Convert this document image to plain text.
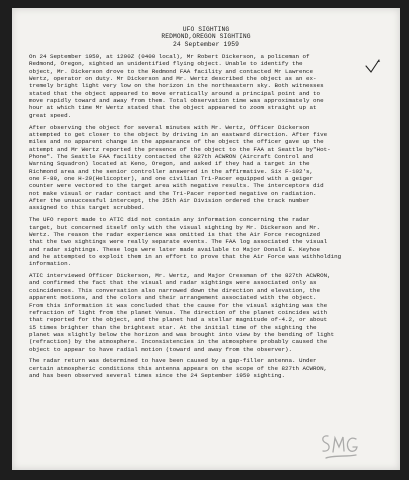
UFO SIGHTING
REDMOND,OREGON SIGHTING
24 September 1959
On 24 September 1959, at 1200Z (0400 local), Mr Robert Dickerson, a policeman of
Redmond, Oregon, sighted an unidentified flying object. Unable to identify the
object, Mr. Dickerson drove to the Redmond FAA facility and contacted Mr Lawrence
Wertz, operator on duty. Mr Dickerson and Mr. Wertz described the object as an ex-
tremely bright light very low on the horizon in the northeastern sky. Both witnesses
stated that the object appeared to move erratically around a principal point and to
move rapidly toward and away from them. Total observation time was approximately one
hour at which time Mr Wertz stated that the object appeared to zoom straight up at
great speed.
After observing the object for several minutes with Mr. Wertz, Officer Dickerson
attempted to get closer to the object by driving in an eastward direction. After five
miles and no apparent change in the appearance of the object the officer gave up the
attempt and Mr Wertz reported the presence of the object to the FAA at Seattle by"Hot-
Phone". The Seattle FAA facility contacted the 827th ACWRON (Aircraft Control and
Warning Squadron) located at Keno, Oregon, and asked if they had a target in the
Richmond area and the senior controller answered in the affirmative. Six F-102's,
one F-89, one H-29(Helicopter), and one civilian Tri-Pacer equipped with a geiger
counter were vectored to the target area with negative results. The interceptors did
not make visual or radar contact and the Tri-Pacer reported negative on radiation.
After the unsuccessful intercept, the 25th Air Division ordered the track number
assigned to this target scrubbed.
The UFO report made to ATIC did not contain any information concerning the radar
target, but concerned itself only with the visual sighting by Mr. Dickerson and Mr.
Wertz. The reason the radar experience was omitted is that the Air Force recognized
that the two sightings were really separate events. The FAA log associated the visual
and radar sightings. These logs were later made available to Major Donald E. Keyhoe
and he attempted to exploit them in an effort to prove that the Air Force was withholding
information.
ATIC interviewed Officer Dickerson, Mr. Wertz, and Major Cressman of the 827th ACWRON,
and confirmed the fact that the visual and radar sightings were associated only as
coincidences. This conversation also narrowed down the direction and elevation, the
apparent motions, and the colors and their arrangement associated with the object.
From this information it was concluded that the cause for the visual sighting was the
refraction of light from the planet Venus. The direction of the planet coincides with
that reported for the object, and the planet had a stellar magnitude of-4.2, or about
15 times brighter than the brightest star. At the initial time of the sighting the
planet was slightly below the horizon and was brought into view by the bending of light
(refraction) by the atmosphere. Inconsistencies in the atmosphere probably caused the
object to appear to have radial motion (toward and away from the observer).
The radar return was determined to have been caused by a gap-filler antenna. Under
certain atmospheric conditions this antenna appears on the scope of the 827th ACWRON,
and has been observed several times since the 24 September 1959 sighting.
